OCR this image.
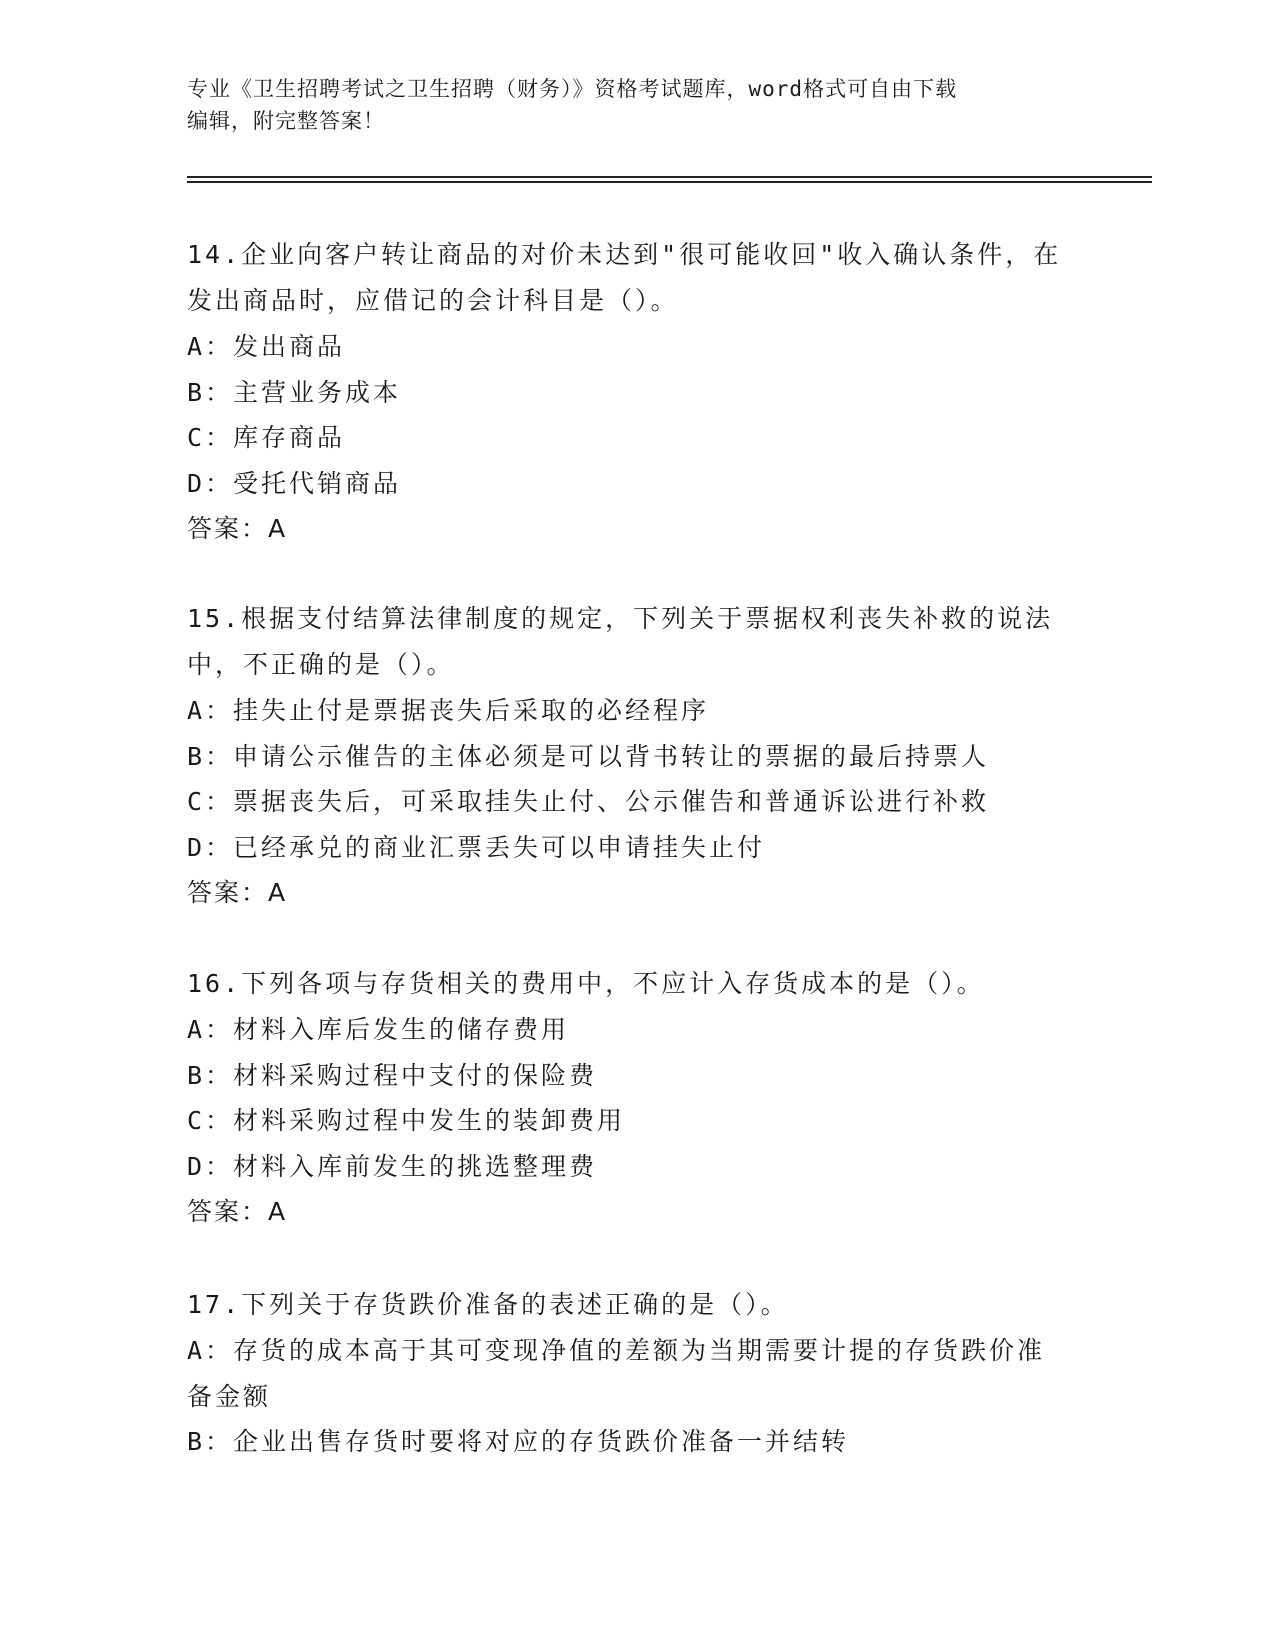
专业《卫生招聘考试之卫生招聘（财务）》资格考试题库，word格式可自由下载
编辑，附完整答案！
14.企业向客户转让商品的对价未达到"很可能收回"收入确认条件，在
发出商品时，应借记的会计科目是（）。
A：发出商品
B：主营业务成本
C：库存商品
D：受托代销商品
答案：A
15.根据支付结算法律制度的规定，下列关于票据权利丧失补救的说法
中，不正确的是（）。
A：挂失止付是票据丧失后采取的必经程序
B：申请公示催告的主体必须是可以背书转让的票据的最后持票人
C：票据丧失后，可采取挂失止付、公示催告和普通诉讼进行补救
D：已经承兑的商业汇票丢失可以申请挂失止付
答案：A
16.下列各项与存货相关的费用中，不应计入存货成本的是（）。
A：材料入库后发生的储存费用
B：材料采购过程中支付的保险费
C：材料采购过程中发生的装卸费用
D：材料入库前发生的挑选整理费
答案：A
17.下列关于存货跌价准备的表述正确的是（）。
A：存货的成本高于其可变现净值的差额为当期需要计提的存货跌价准
备金额
B：企业出售存货时要将对应的存货跌价准备一并结转
